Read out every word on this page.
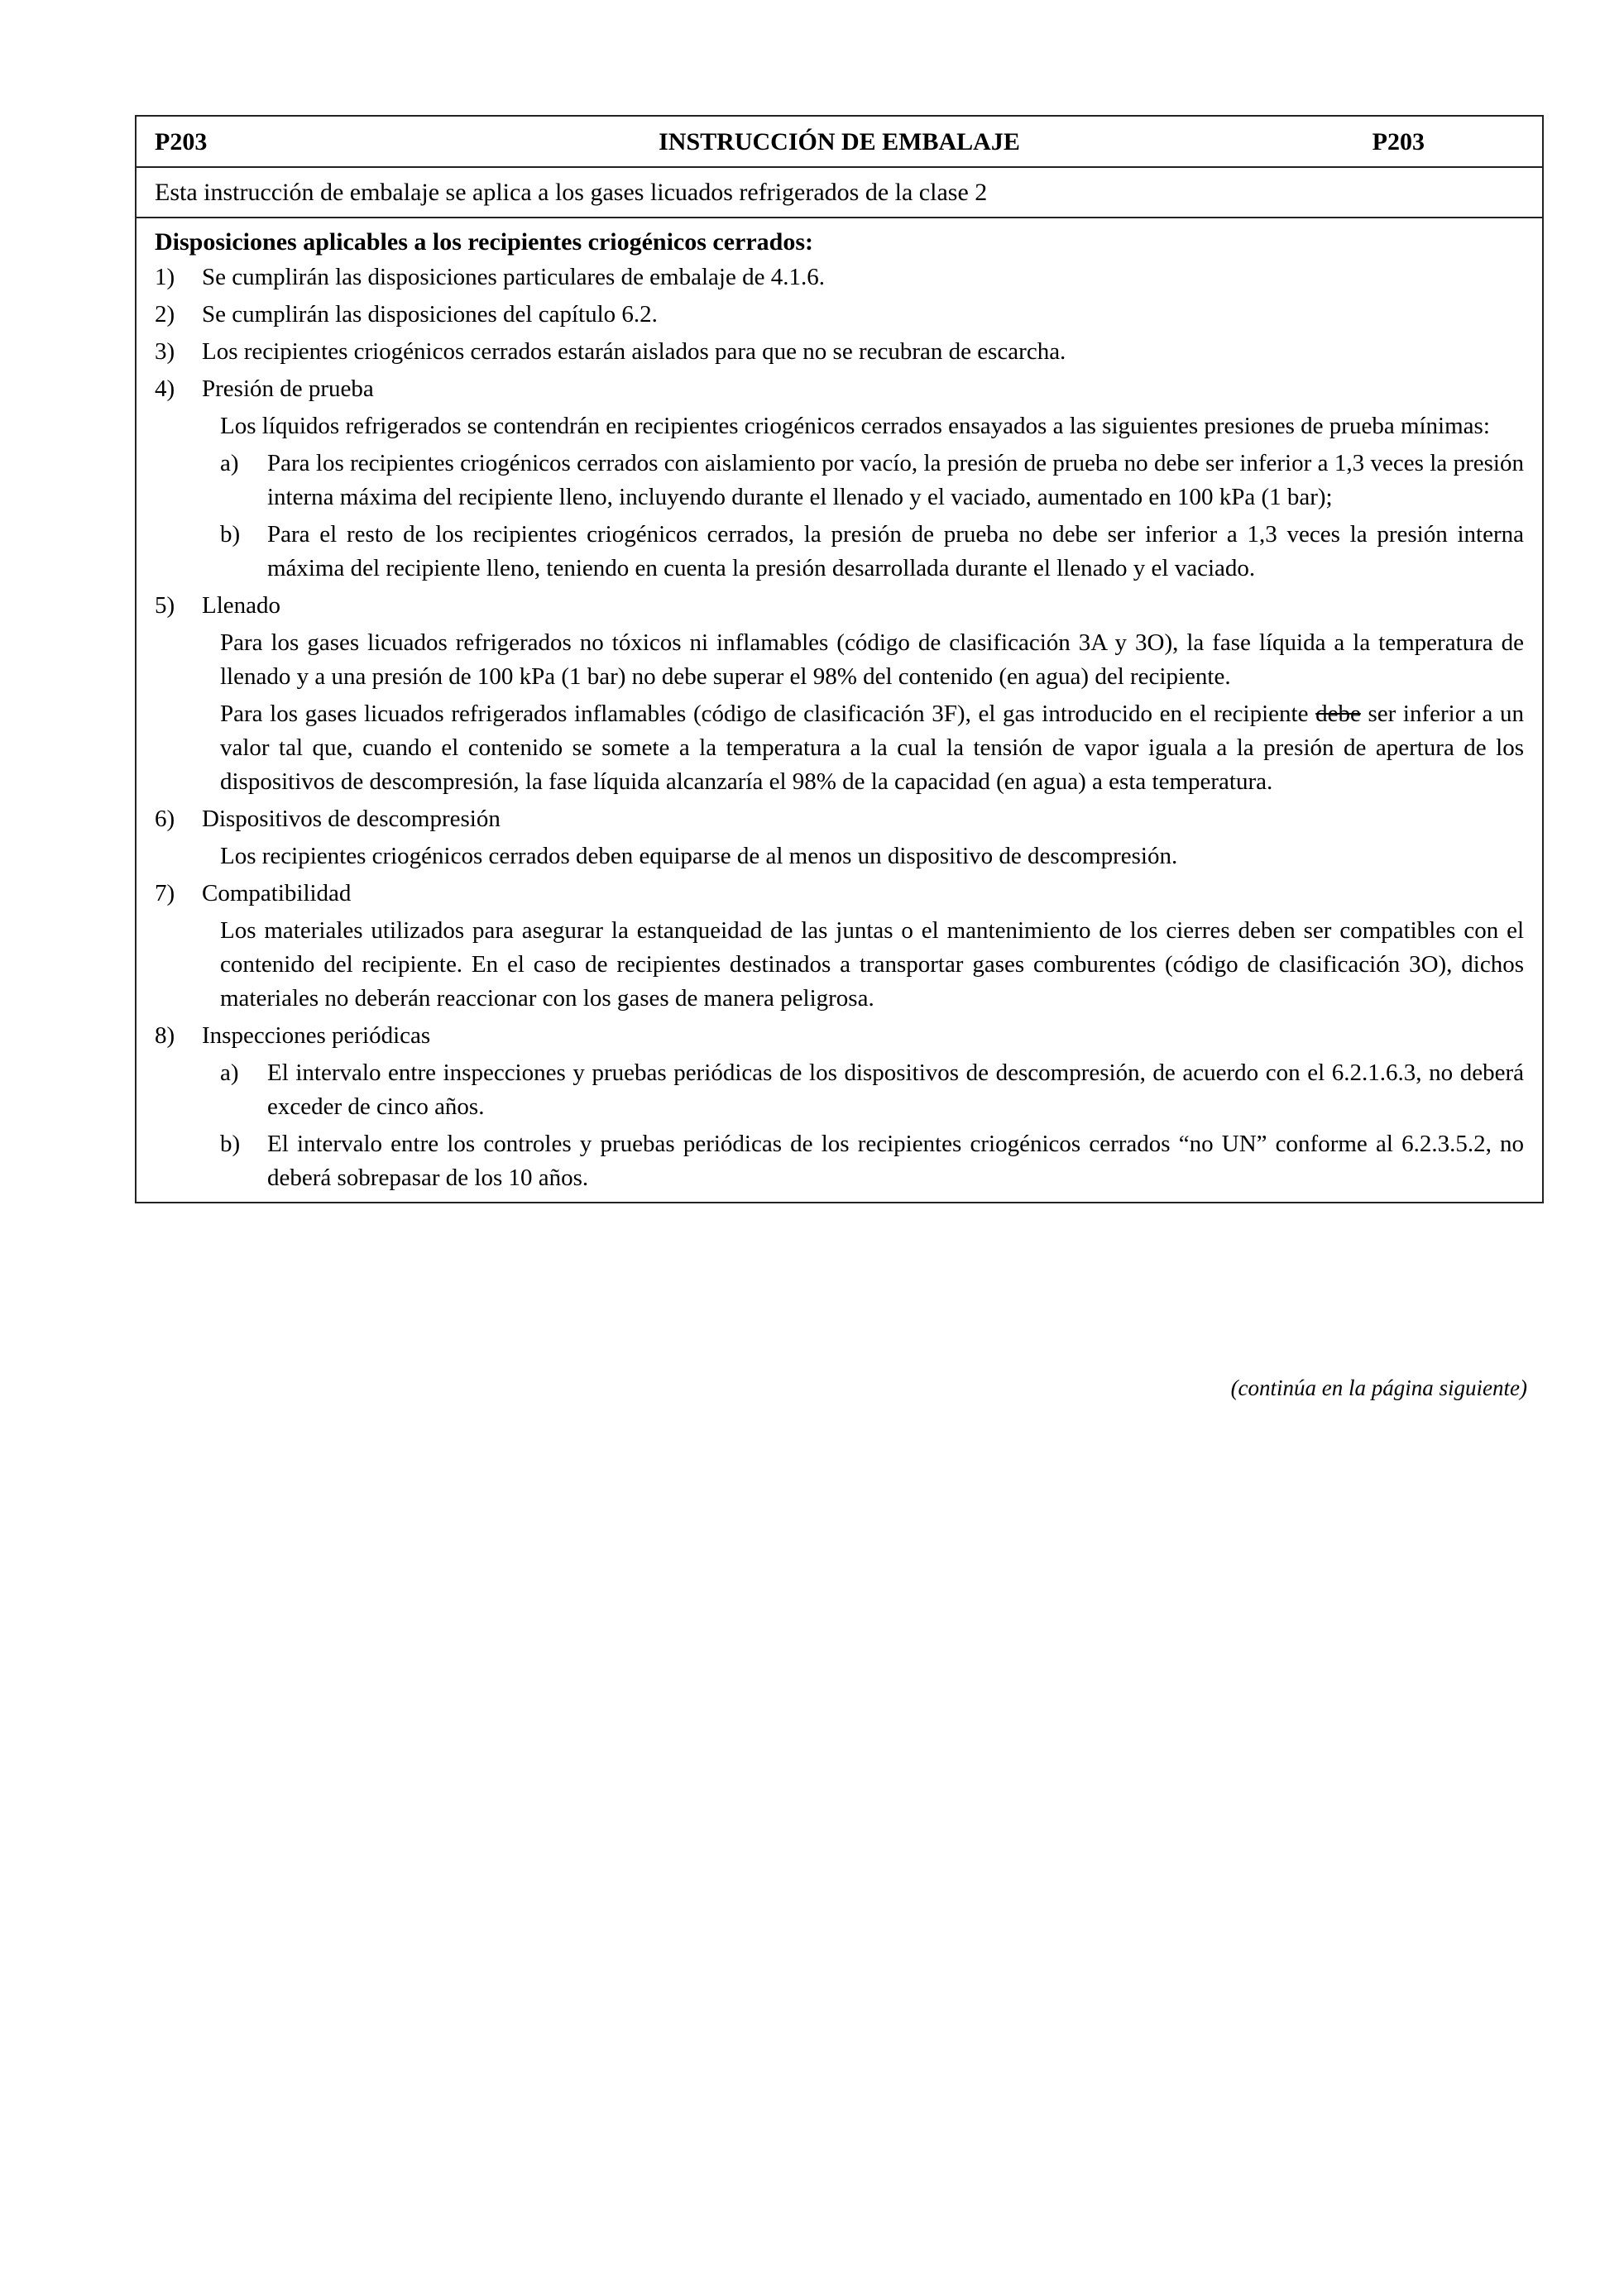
P203	INSTRUCCIÓN DE EMBALAJE	P203
Esta instrucción de embalaje se aplica a los gases licuados refrigerados de la clase 2
Disposiciones aplicables a los recipientes criogénicos cerrados:
1)	Se cumplirán las disposiciones particulares de embalaje de 4.1.6.
2)	Se cumplirán las disposiciones del capítulo 6.2.
3)	Los recipientes criogénicos cerrados estarán aislados para que no se recubran de escarcha.
4)	Presión de prueba
Los líquidos refrigerados se contendrán en recipientes criogénicos cerrados ensayados a las siguientes presiones de prueba mínimas:
a)	Para los recipientes criogénicos cerrados con aislamiento por vacío, la presión de prueba no debe ser inferior a 1,3 veces la presión interna máxima del recipiente lleno, incluyendo durante el llenado y el vaciado, aumentado en 100 kPa (1 bar);
b)	Para el resto de los recipientes criogénicos cerrados, la presión de prueba no debe ser inferior a 1,3 veces la presión interna máxima del recipiente lleno, teniendo en cuenta la presión desarrollada durante el llenado y el vaciado.
5)	Llenado
Para los gases licuados refrigerados no tóxicos ni inflamables (código de clasificación 3A y 3O), la fase líquida a la temperatura de llenado y a una presión de 100 kPa (1 bar) no debe superar el 98% del contenido (en agua) del recipiente.
Para los gases licuados refrigerados inflamables (código de clasificación 3F), el gas introducido en el recipiente debe ser inferior a un valor tal que, cuando el contenido se somete a la temperatura a la cual la tensión de vapor iguala a la presión de apertura de los dispositivos de descompresión, la fase líquida alcanzaría el 98% de la capacidad (en agua) a esta temperatura.
6)	Dispositivos de descompresión
Los recipientes criogénicos cerrados deben equiparse de al menos un dispositivo de descompresión.
7)	Compatibilidad
Los materiales utilizados para asegurar la estanqueidad de las juntas o el mantenimiento de los cierres deben ser compatibles con el contenido del recipiente. En el caso de recipientes destinados a transportar gases comburentes (código de clasificación 3O), dichos materiales no deberán reaccionar con los gases de manera peligrosa.
8)	Inspecciones periódicas
a)	El intervalo entre inspecciones y pruebas periódicas de los dispositivos de descompresión, de acuerdo con el 6.2.1.6.3, no deberá exceder de cinco años.
b)	El intervalo entre los controles y pruebas periódicas de los recipientes criogénicos cerrados “no UN” conforme al 6.2.3.5.2, no deberá sobrepasar de los 10 años.
(continúa en la página siguiente)
